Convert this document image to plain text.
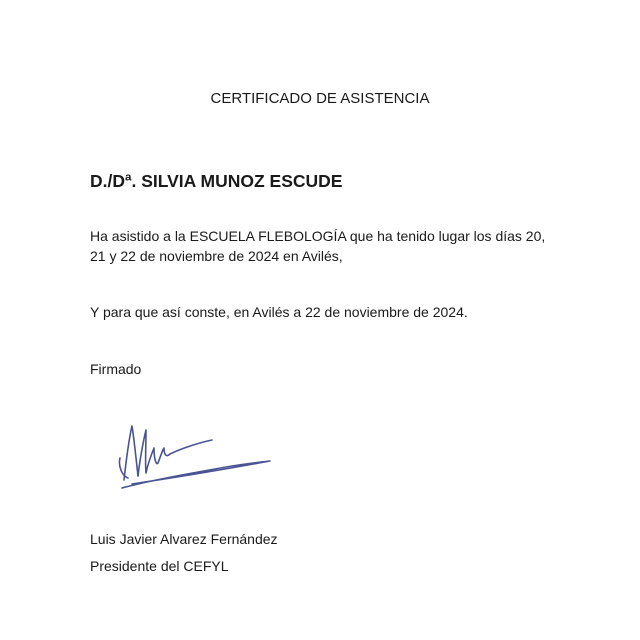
CERTIFICADO DE ASISTENCIA
D./Dª. SILVIA MUNOZ ESCUDE
Ha asistido a la ESCUELA FLEBOLOGÍA que ha tenido lugar los días 20,
21 y 22 de noviembre de 2024 en Avilés,
Y para que así conste, en Avilés a 22 de noviembre de 2024.
Firmado
Luis Javier Alvarez Fernández
Presidente del CEFYL
